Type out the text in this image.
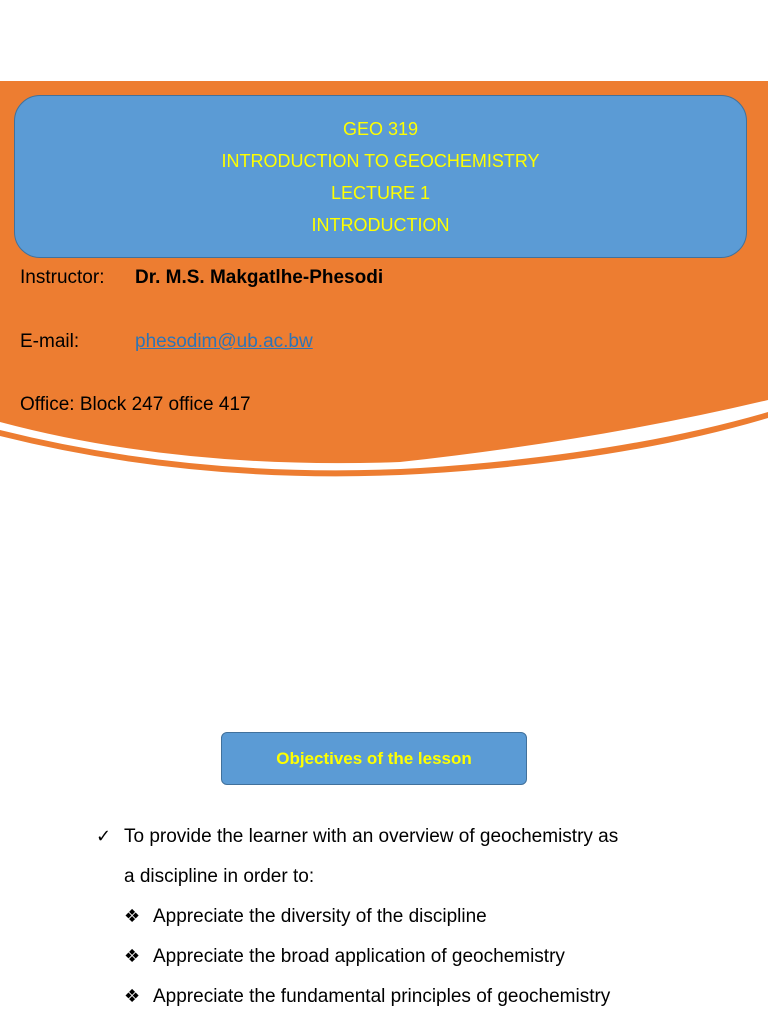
GEO 319
INTRODUCTION TO GEOCHEMISTRY
LECTURE 1
INTRODUCTION
Instructor: Dr. M.S. Makgatlhe-Phesodi
E-mail:	phesodim@ub.ac.bw
Office: Block 247 office 417
Objectives of the lesson
✓ To provide the learner with an overview of geochemistry as
a discipline in order to:
❖ Appreciate the diversity of the discipline
❖ Appreciate the broad application of geochemistry
❖ Appreciate the fundamental principles of geochemistry
